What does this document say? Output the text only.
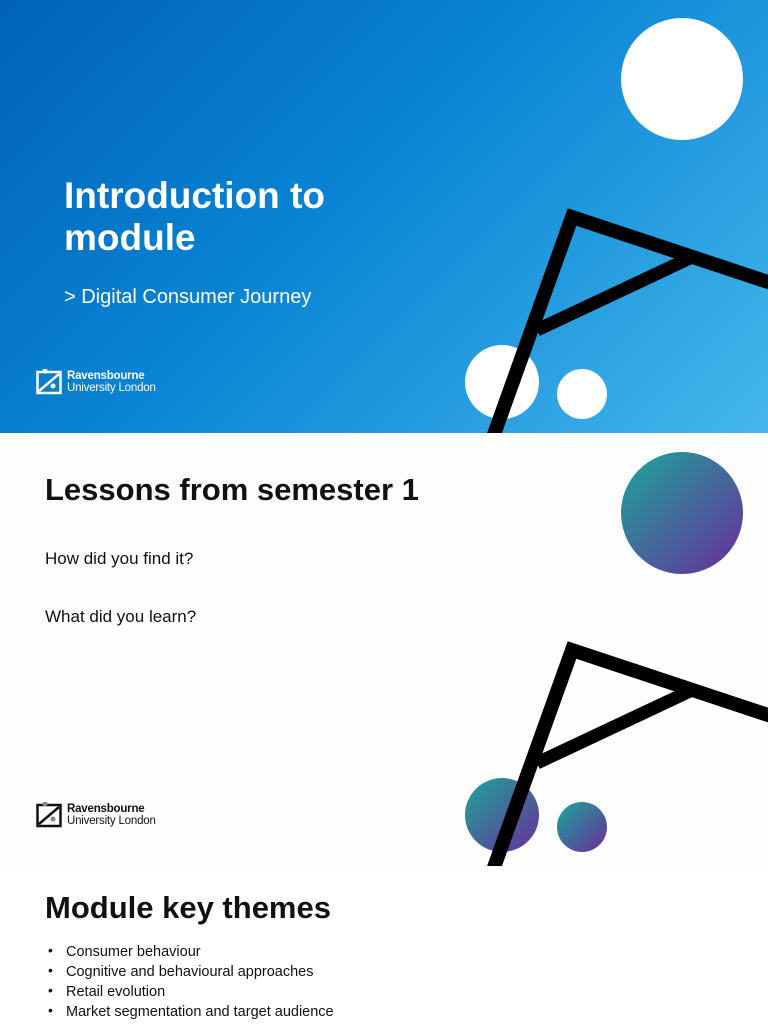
Introduction to module
> Digital Consumer Journey
Ravensbourne
University London
Lessons from semester 1
How did you find it?
What did you learn?
Ravensbourne
University London
Module key themes
• Consumer behaviour
• Cognitive and behavioural approaches
• Retail evolution
• Market segmentation and target audience
